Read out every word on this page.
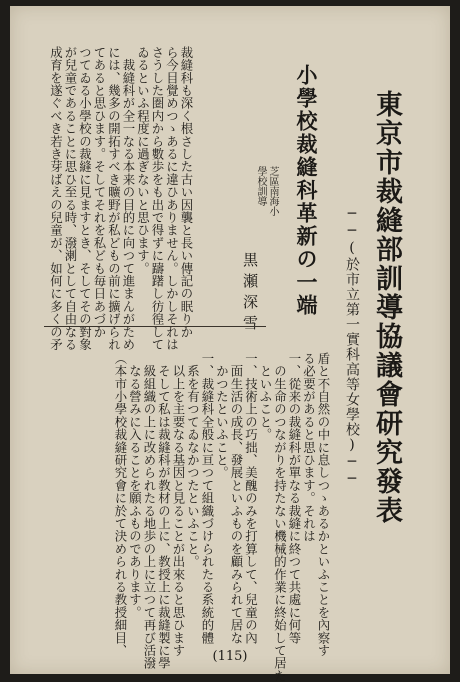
東京市裁縫部訓導協議會研究發表
──(於市立第一實科高等女學校)──
小學校裁縫科革新の一端
芝區南海小
學校訓導
黒瀬深雪
裁縫科も深く根さした古い因襲と長い傳記の眠りか
ら今目覺めつゝあるに違ひありません。しかしそれは
さうした圏内から數歩をも出で得ずに躊躇し彷徨して
ゐるといふ程度に過ぎないと思ひます。
　裁縫科が全一なる本来の目的に向つて進まんがため
には、幾多の開拓すべき曠野が私どもの前に擴げられ
てあると思ひます。そしてそれを私ども毎日あづか
つてゐる小學校の裁縫に見ますとき、そしてその對象
が兒童であることに思ひ至る時、潑溂として自由なる
成育を遂ぐべき若き芽ばえの兒童が、如何に多くの矛
盾と不自然の中に息しつゝあるかといふことを內察す
る必要があると思ひます。それは
一、從来の裁縫科が單なる裁縫に終つて共處に何等
　の生命のつながりを持たない機械的作業に終始して居た
　といふこと。
一、技術上の巧拙、美醜のみを打算して、兒童の內
　面生活の成長、發展といふものを顧みられて居な
　かつたといふこと。
一、裁縫科全般に亘つて組織づけられたる系統的體
　系を有つてゐなかつたといふこと。
　以上を主要なる基因と見ることが出來ると思ひます
　そして私は裁縫科が教材の上に、教授上に裁縫製に學
　級組織の上に改められたる地歩の上に立つて再び活潑
　なる營みに入ることを願ふものであります。
（本市小學校裁縫研究會に於て決められる教授細目、	(115)
